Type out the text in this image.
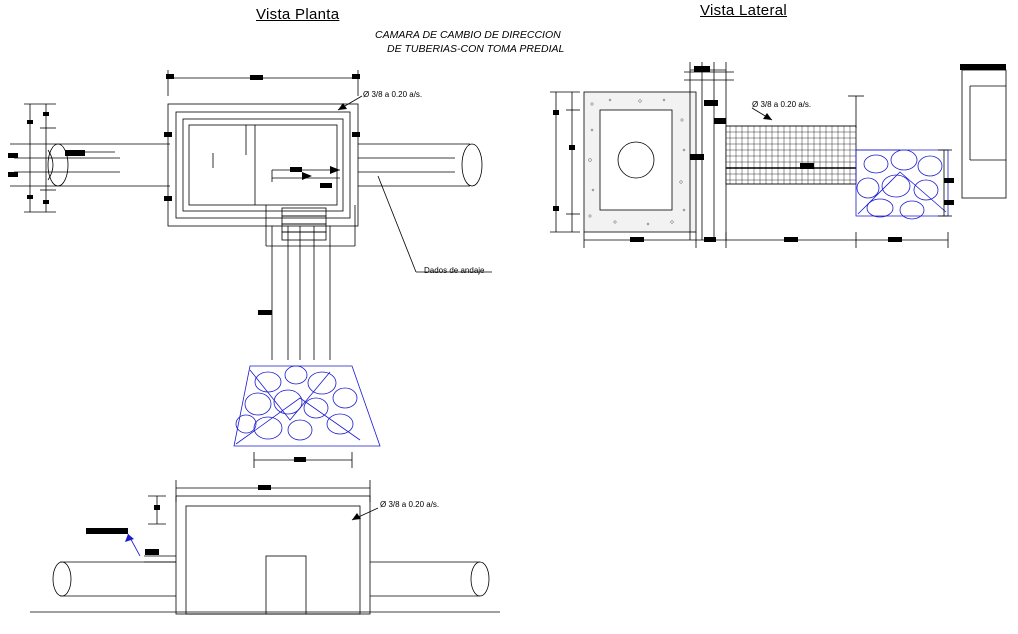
Vista Planta	Vista Lateral
CAMARA DE CAMBIO DE DIRECCION
DE TUBERIAS-CON TOMA PREDIAL
Ø 3/8 a 0.20 a/s.
Dados de andaje
Ø 3/8 a 0.20 a/s.
Ø 3/8 a 0.20 a/s.
